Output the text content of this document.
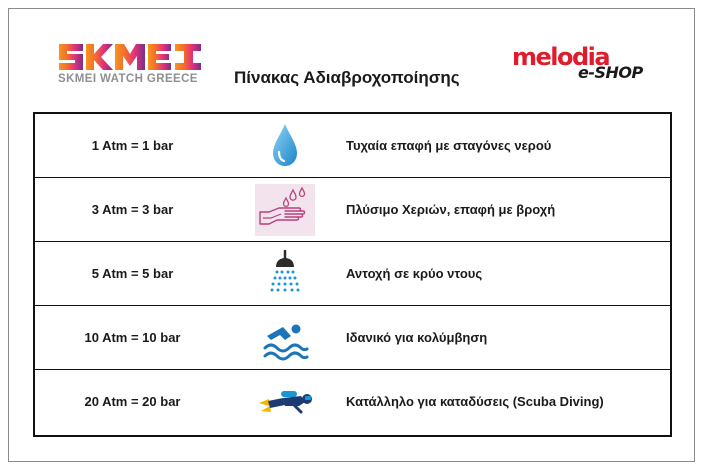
SKMEI WATCH GREECE Πίνακας Αδιαβροχοποίησης
melodia
e-SHOP
1 Atm = 1 bar	Τυχαία επαφή με σταγόνες νερού
3 Atm = 3 bar	Πλύσιμο Χεριών, επαφή με βροχή
5 Atm = 5 bar	Αντοχή σε κρύο ντους
10 Atm = 10 bar	Ιδανικό για κολύμβηση
20 Atm = 20 bar	Κατάλληλο για καταδύσεις (Scuba Diving)
